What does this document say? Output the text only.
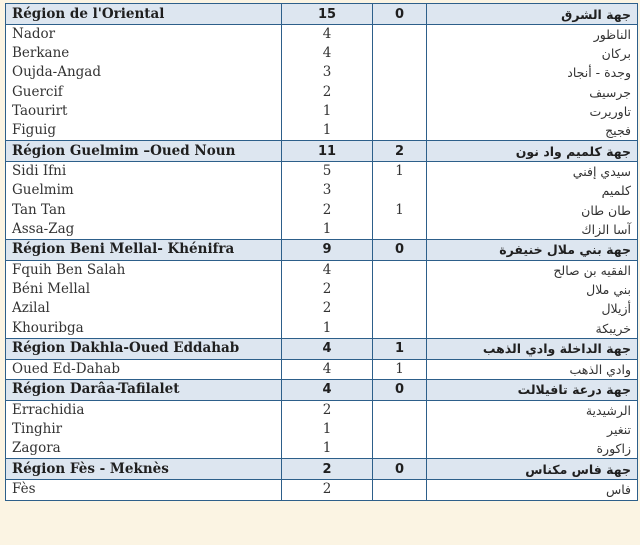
Région de l'Oriental	15	0	جهة الشرق
Nador	4		الناظور
Berkane	4		بركان
Oujda-Angad	3		وجدة - أنجاد
Guercif	2		جرسيف
Taourirt	1		تاوريرت
Figuig	1		فجيج
Région Guelmim –Oued Noun	11	2	جهة كلميم واد نون
Sidi Ifni	5	1	سيدي إفني
Guelmim	3		كلميم
Tan Tan	2	1	طان طان
Assa-Zag	1		آسا الزاك
Région Beni Mellal- Khénifra	9	0	جهة بني ملال خنيفرة
Fquih Ben Salah	4		الفقيه بن صالح
Béni Mellal	2		بني ملال
Azilal	2		أزيلال
Khouribga	1		خريبكة
Région Dakhla-Oued Eddahab	4	1	جهة الداخلة وادي الذهب
Oued Ed-Dahab	4	1	وادي الذهب
Région Darâa-Tafilalet	4	0	جهة درعة تافيلالت
Errachidia	2		الرشيدية
Tinghir	1		تنغير
Zagora	1		زاكورة
Région Fès - Meknès	2	0	جهة فاس مكناس
Fès	2		فاس
